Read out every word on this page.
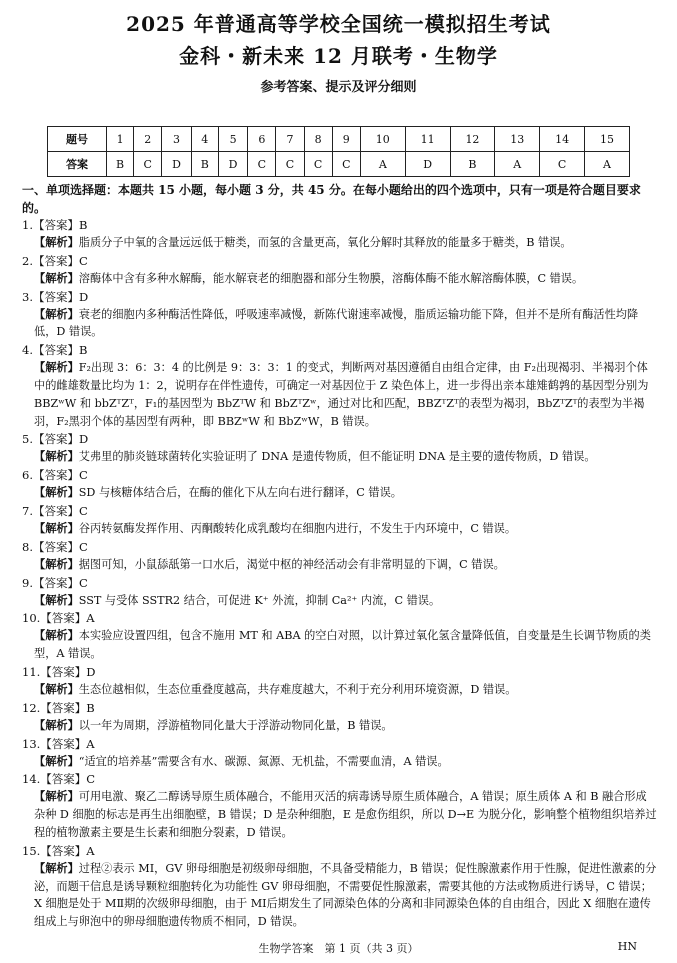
2025 年普通高等学校全国统一模拟招生考试
金科・新未来 12 月联考・生物学
参考答案、提示及评分细则
题号	1	2	3	4	5	6	7	8	9	10	11	12	13	14	15
答案	B	C	D	B	D	C	C	C	C	A	D	B	A	C	A
一、单项选择题：本题共 15 小题，每小题 3 分，共 45 分。在每小题给出的四个选项中，只有一项是符合题目要求的。
1.【答案】B
【解析】脂质分子中氧的含量远远低于糖类，而氢的含量更高，氧化分解时其释放的能量多于糖类，B 错误。
2.【答案】C
【解析】溶酶体中含有多种水解酶，能水解衰老的细胞器和部分生物膜，溶酶体酶不能水解溶酶体膜，C 错误。
3.【答案】D
【解析】衰老的细胞内多种酶活性降低，呼吸速率减慢，新陈代谢速率减慢，脂质运输功能下降，但并不是所有酶活性均降低，D 错误。
4.【答案】B
【解析】F₂出现 3：6：3：4 的比例是 9：3：3：1 的变式，判断两对基因遵循自由组合定律，由 F₂出现褐羽、半褐羽个体中的雌雄数量比均为 1：2，说明存在伴性遗传，可确定一对基因位于 Z 染色体上，进一步得出亲本雄雉鹤鹑的基因型分别为 BBZʷW 和 bbZᵀZᵀ，F₁的基因型为 BbZᵀW 和 BbZᵀZʷ，通过对比和匹配，BBZᵀZᵀ的表型为褐羽，BbZᵀZᵀ的表型为半褐羽，F₂黑羽个体的基因型有两种，即 BBZʷW 和 BbZʷW，B 错误。
5.【答案】D
【解析】艾弗里的肺炎链球菌转化实验证明了 DNA 是遗传物质，但不能证明 DNA 是主要的遗传物质，D 错误。
6.【答案】C
【解析】SD 与核糖体结合后，在酶的催化下从左向右进行翻译，C 错误。
7.【答案】C
【解析】谷丙转氨酶发挥作用、丙酮酸转化成乳酸均在细胞内进行，不发生于内环境中，C 错误。
8.【答案】C
【解析】据图可知，小鼠舔舐第一口水后，渴觉中枢的神经活动会有非常明显的下调，C 错误。
9.【答案】C
【解析】SST 与受体 SSTR2 结合，可促进 K⁺ 外流，抑制 Ca²⁺ 内流，C 错误。
10.【答案】A
【解析】本实验应设置四组，包含不施用 MT 和 ABA 的空白对照，以计算过氧化氢含量降低值，自变量是生长调节物质的类型，A 错误。
11.【答案】D
【解析】生态位越相似，生态位重叠度越高，共存难度越大，不利于充分利用环境资源，D 错误。
12.【答案】B
【解析】以一年为周期，浮游植物同化量大于浮游动物同化量，B 错误。
13.【答案】A
【解析】“适宜的培养基”需要含有水、碳源、氮源、无机盐，不需要血清，A 错误。
14.【答案】C
【解析】可用电激、聚乙二醇诱导原生质体融合，不能用灭活的病毒诱导原生质体融合，A 错误；原生质体 A 和 B 融合形成杂种 D 细胞的标志是再生出细胞壁，B 错误；D 是杂种细胞，E 是愈伤组织，所以 D→E 为脱分化，影响整个植物组织培养过程的植物激素主要是生长素和细胞分裂素，D 错误。
15.【答案】A
【解析】过程②表示 MⅠ，GV 卵母细胞是初级卵母细胞，不具备受精能力，B 错误；促性腺激素作用于性腺，促进性激素的分泌，而题干信息是诱导颗粒细胞转化为功能性 GV 卵母细胞，不需要促性腺激素，需要其他的方法或物质进行诱导，C 错误；X 细胞是处于 MⅡ期的次级卵母细胞，由于 MⅠ后期发生了同源染色体的分离和非同源染色体的自由组合，因此 X 细胞在遗传组成上与卵泡中的卵母细胞遗传物质不相同，D 错误。
生物学答案　第 1 页（共 3 页）	HN
